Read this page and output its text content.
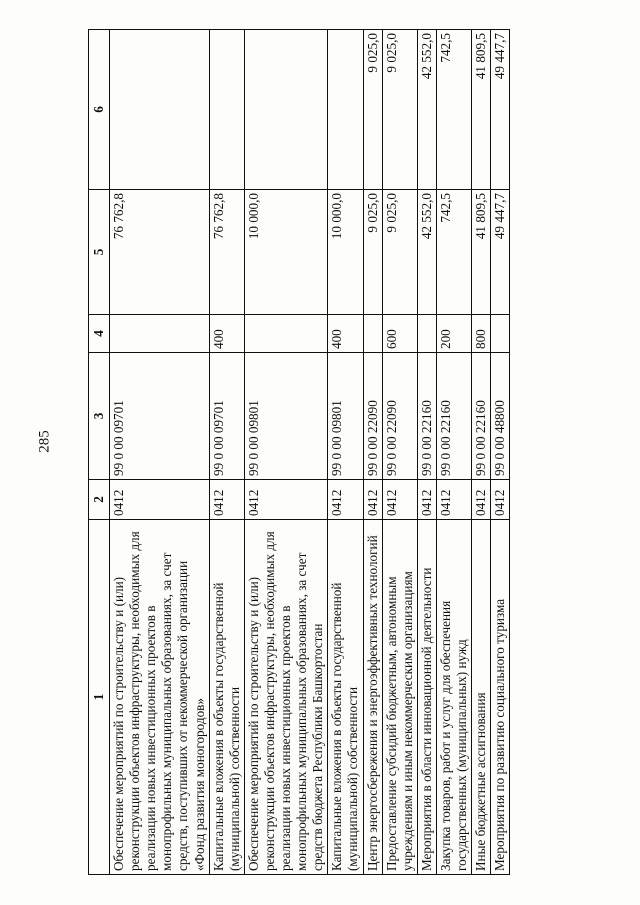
285
1	2	3	4	5	6
Обеспечение мероприятий по строительству и (или) реконструкции объектов инфраструктуры, необходимых для реализации новых инвестиционных проектов в монопрофильных муниципальных образованиях, за счет средств, поступивших от некоммерческой организации «Фонд развития моногородов»	0412	99 0 00 09701		76 762,8	
Капитальные вложения в объекты государственной (муниципальной) собственности	0412	99 0 00 09701	400	76 762,8	
Обеспечение мероприятий по строительству и (или) реконструкции объектов инфраструктуры, необходимых для реализации новых инвестиционных проектов в монопрофильных муниципальных образованиях, за счет средств бюджета Республики Башкортостан	0412	99 0 00 09801		10 000,0	
Капитальные вложения в объекты государственной (муниципальной) собственности	0412	99 0 00 09801	400	10 000,0	
Центр энергосбережения и энергоэффективных технологий	0412	99 0 00 22090		9 025,0	9 025,0
Предоставление субсидий бюджетным, автономным учреждениям и иным некоммерческим организациям	0412	99 0 00 22090	600	9 025,0	9 025,0
Мероприятия в области инновационной деятельности	0412	99 0 00 22160		42 552,0	42 552,0
Закупка товаров, работ и услуг для обеспечения государственных (муниципальных) нужд	0412	99 0 00 22160	200	742,5	742,5
Иные бюджетные ассигнования	0412	99 0 00 22160	800	41 809,5	41 809,5
Мероприятия по развитию социального туризма	0412	99 0 00 48800		49 447,7	49 447,7
